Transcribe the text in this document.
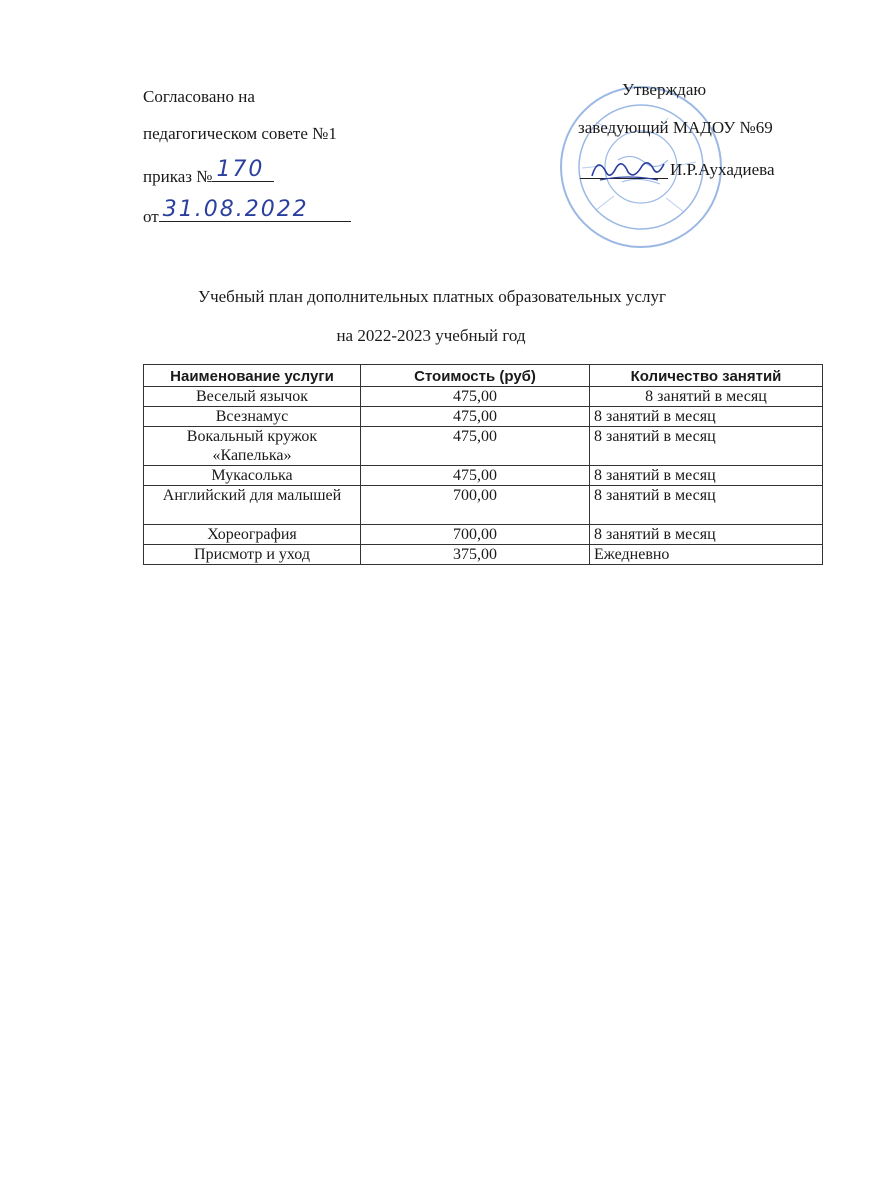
Согласовано на
педагогическом совете №1
приказ № 170
от 31.08.2022
Утверждаю
заведующий МАДОУ №69
И.Р.Аухадиева
Учебный план дополнительных платных образовательных услуг
на 2022-2023 учебный год
Наименование услуги	Стоимость (руб)	Количество занятий
Веселый язычок	475,00	8 занятий в месяц
Всезнамус	475,00	8 занятий в месяц
Вокальный кружок «Капелька»	475,00	8 занятий в месяц
Мукасолька	475,00	8 занятий в месяц
Английский для малышей	700,00	8 занятий в месяц
Хореография	700,00	8 занятий в месяц
Присмотр и уход	375,00	Ежедневно
